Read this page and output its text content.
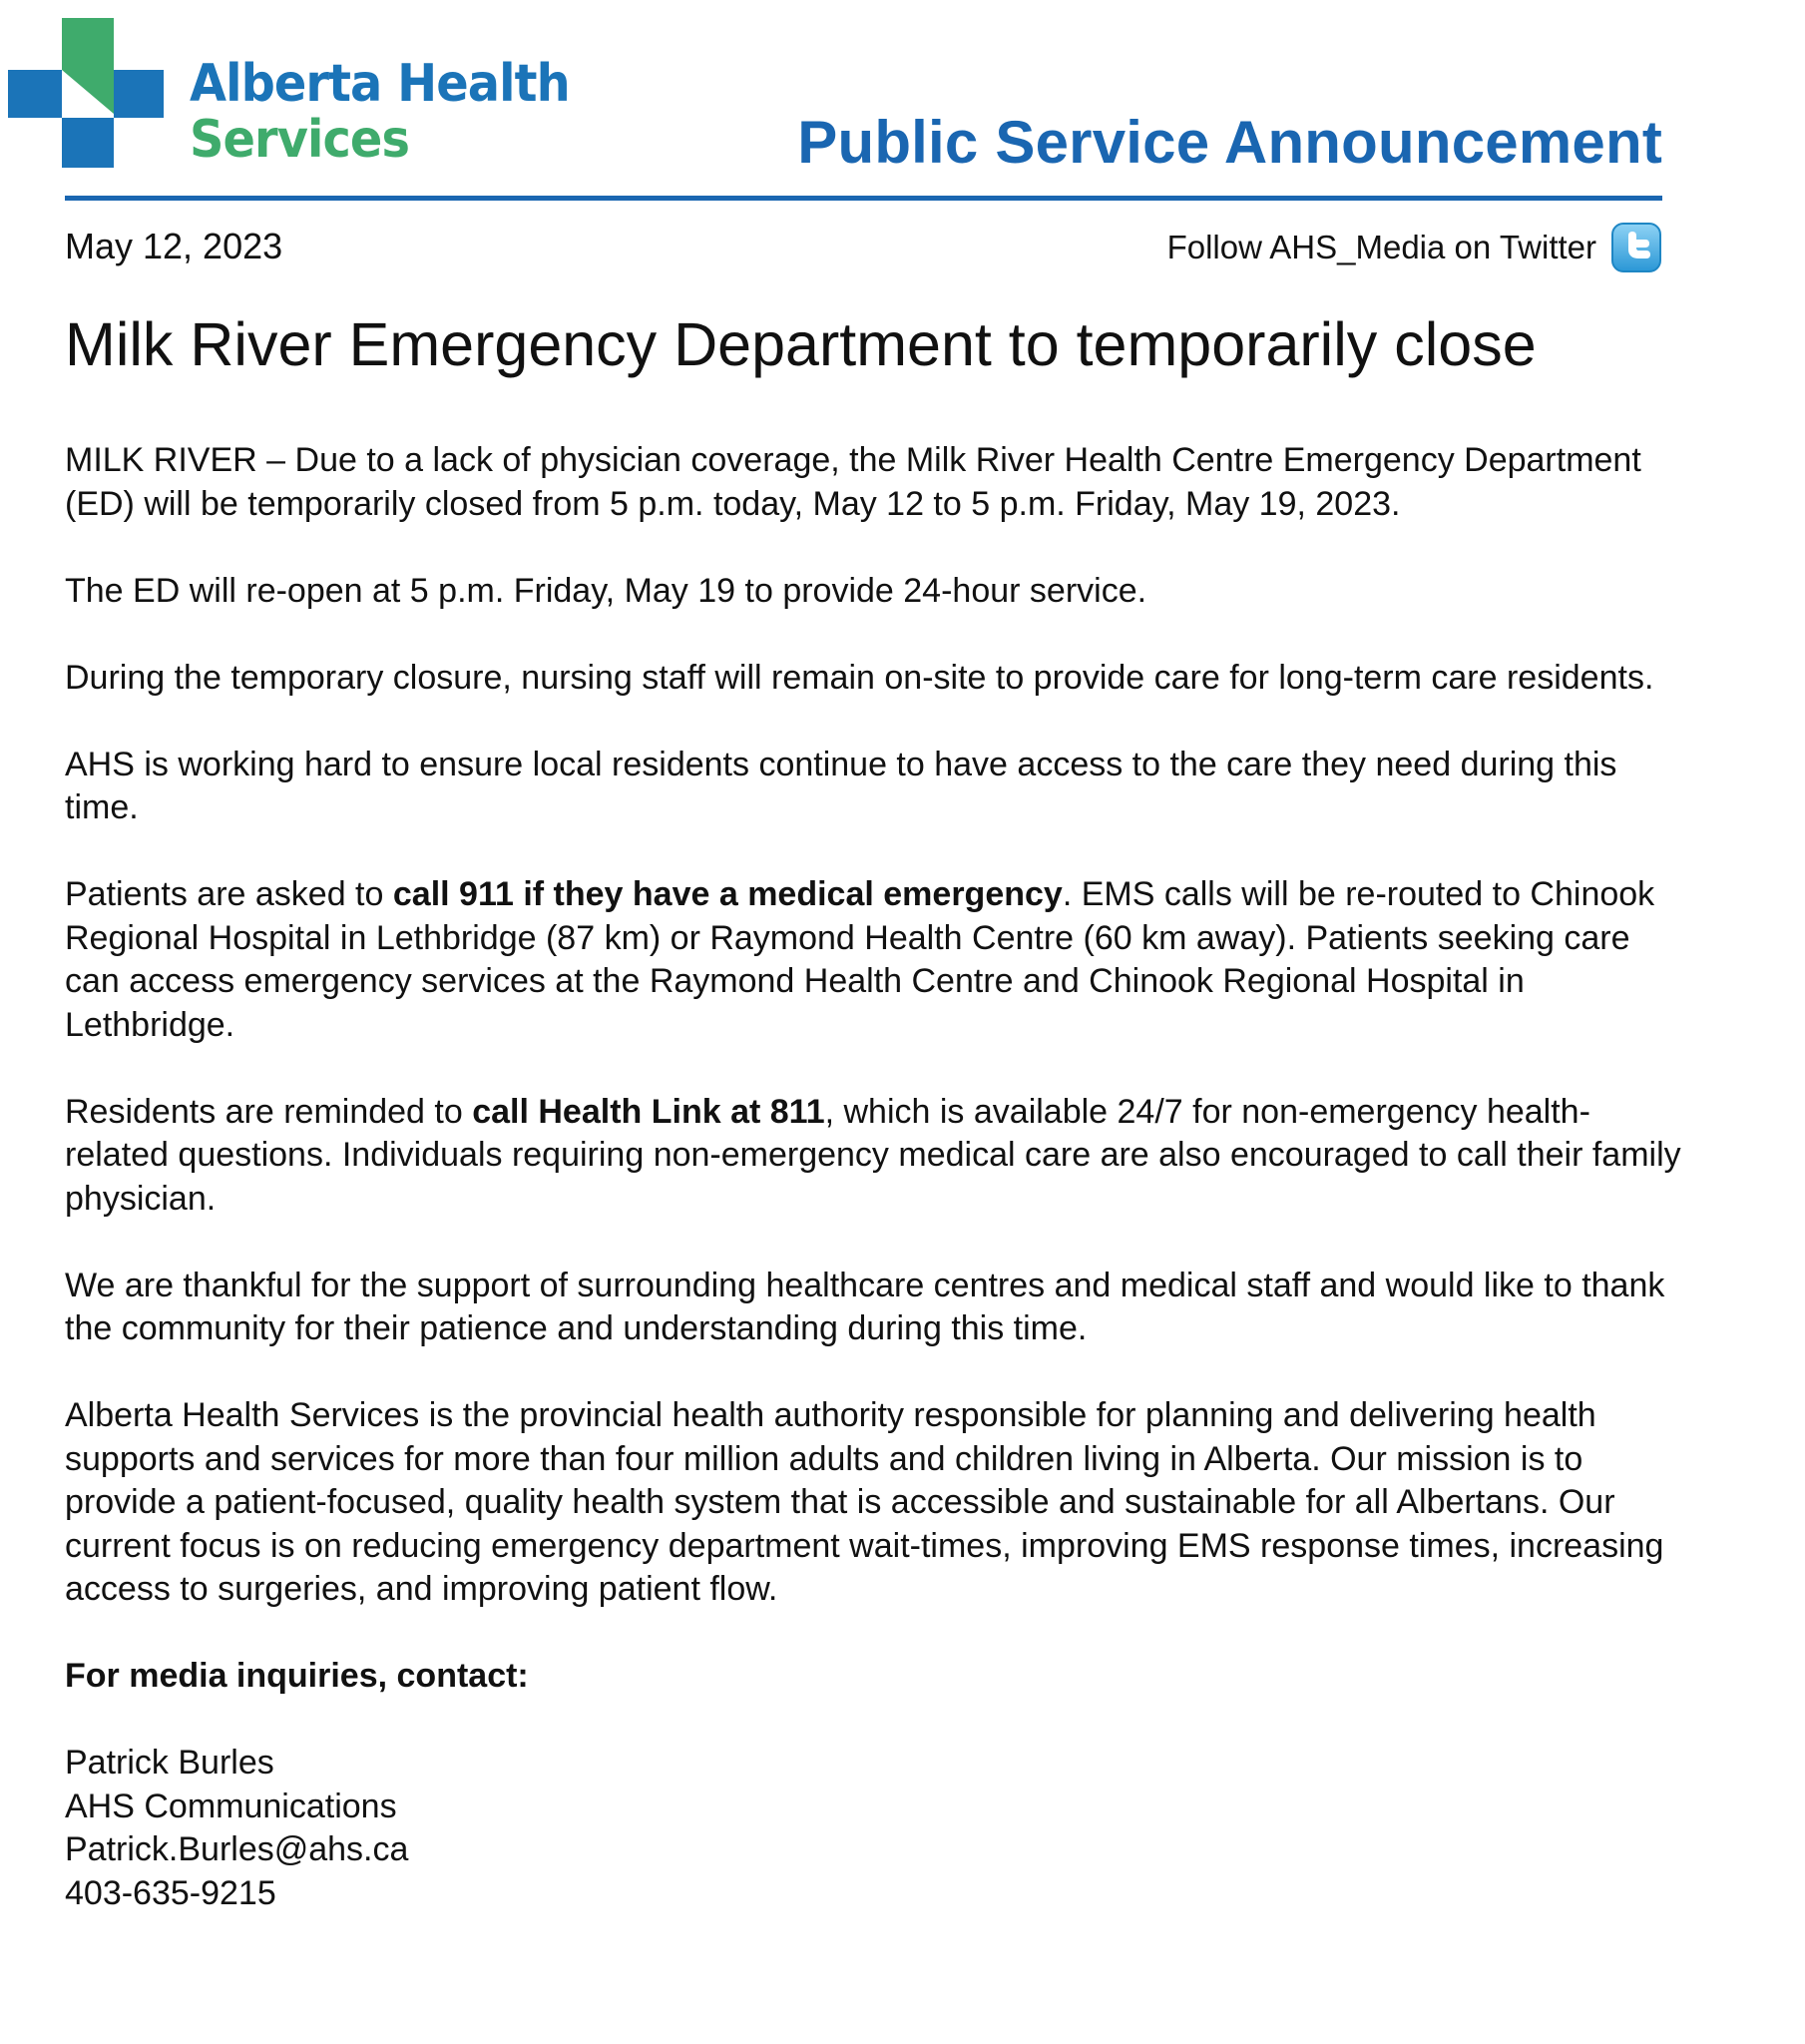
Alberta Health
Services	Public Service Announcement
May 12, 2023	Follow AHS_Media on Twitter
Milk River Emergency Department to temporarily close

MILK RIVER – Due to a lack of physician coverage, the Milk River Health Centre Emergency Department (ED) will be temporarily closed from 5 p.m. today, May 12 to 5 p.m. Friday, May 19, 2023.

The ED will re-open at 5 p.m. Friday, May 19 to provide 24-hour service.

During the temporary closure, nursing staff will remain on-site to provide care for long-term care residents.

AHS is working hard to ensure local residents continue to have access to the care they need during this time.

Patients are asked to call 911 if they have a medical emergency. EMS calls will be re-routed to Chinook Regional Hospital in Lethbridge (87 km) or Raymond Health Centre (60 km away). Patients seeking care can access emergency services at the Raymond Health Centre and Chinook Regional Hospital in Lethbridge.

Residents are reminded to call Health Link at 811, which is available 24/7 for non-emergency health-related questions. Individuals requiring non-emergency medical care are also encouraged to call their family physician.

We are thankful for the support of surrounding healthcare centres and medical staff and would like to thank the community for their patience and understanding during this time.

Alberta Health Services is the provincial health authority responsible for planning and delivering health supports and services for more than four million adults and children living in Alberta. Our mission is to provide a patient-focused, quality health system that is accessible and sustainable for all Albertans. Our current focus is on reducing emergency department wait-times, improving EMS response times, increasing access to surgeries, and improving patient flow.

For media inquiries, contact:

Patrick Burles
AHS Communications
Patrick.Burles@ahs.ca
403-635-9215
